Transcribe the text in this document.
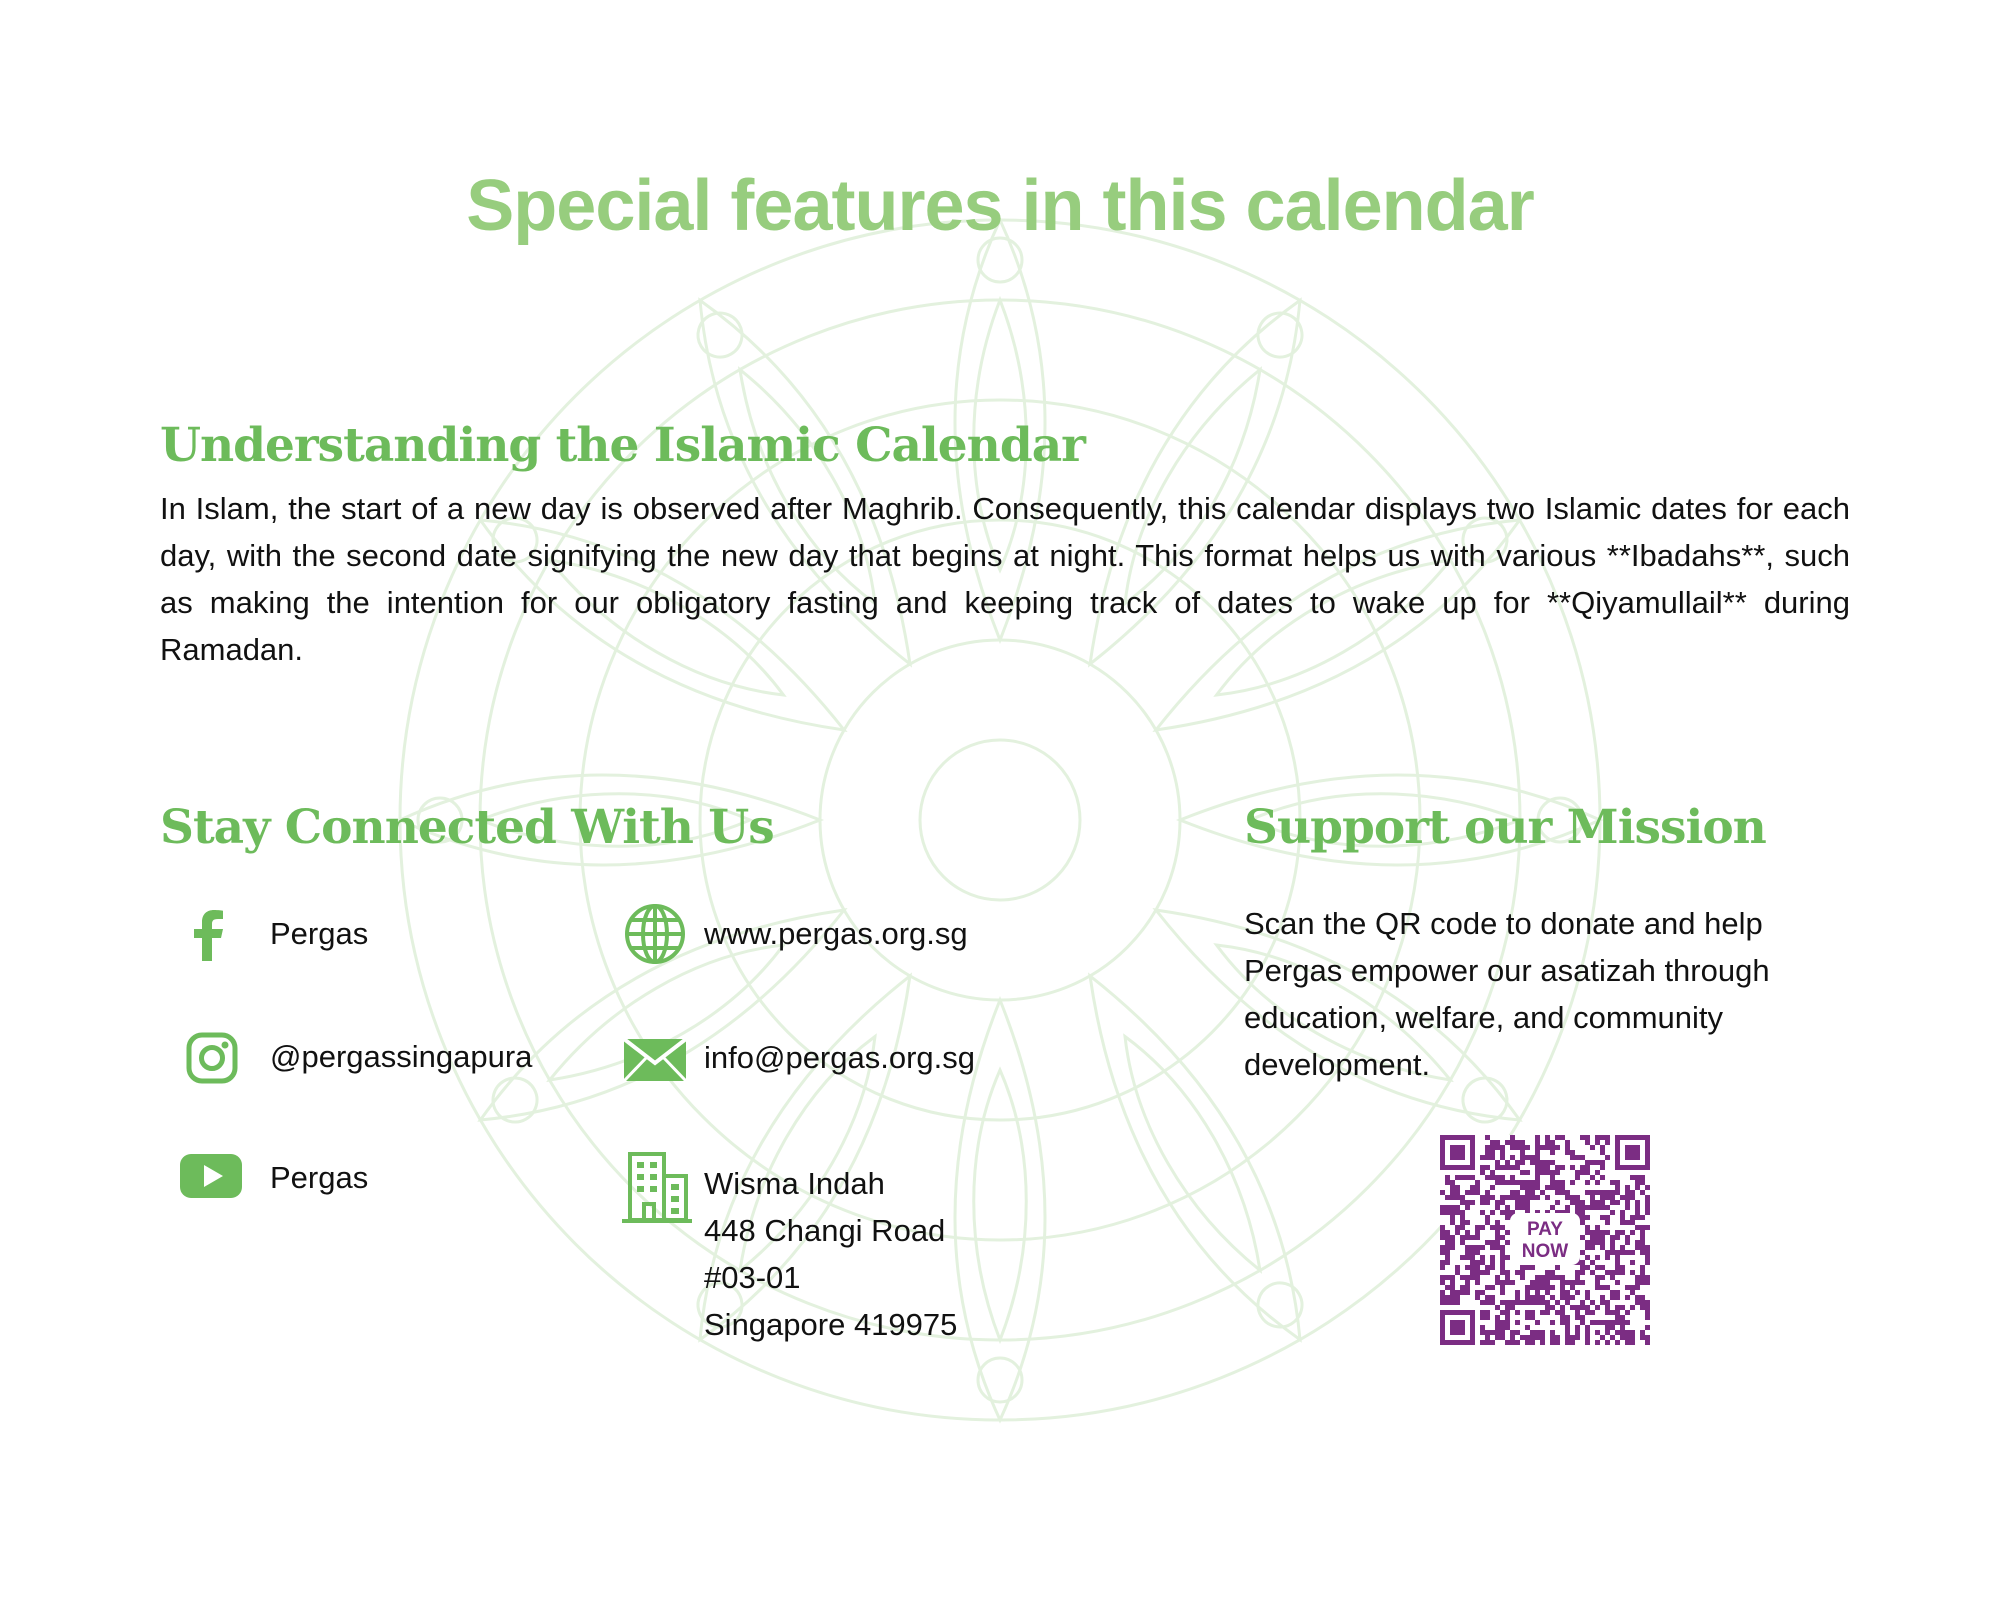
Special features in this calendar
Understanding the Islamic Calendar

In Islam, the start of a new day is observed after Maghrib. Consequently, this calendar displays two Islamic dates for each day, with the second date signifying the new day that begins at night. This format helps us with various **Ibadahs**, such as making the intention for our obligatory fasting and keeping track of dates to wake up for **Qiyamullail** during Ramadan.

Stay Connected With Us
Pergas
@pergassingapura
Pergas
www.pergas.org.sg
info@pergas.org.sg
Wisma Indah
448 Changi Road
#03-01
Singapore 419975
Support our Mission

Scan the QR code to donate and help Pergas empower our asatizah through education, welfare, and community development.

PAY
NOW
